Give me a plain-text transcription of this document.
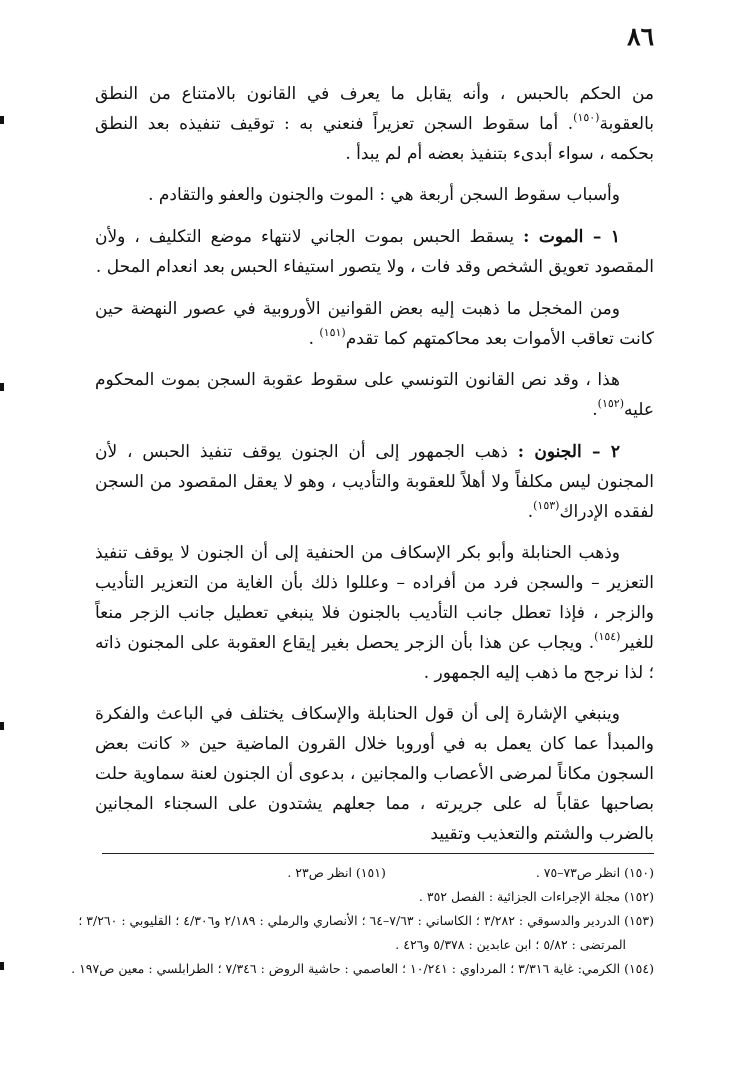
٨٦

من الحكم بالحبس ، وأنه يقابل ما يعرف في القانون بالامتناع من النطق بالعقوبة$^{(١٥٠)}$. أما سقوط السجن تعزيراً فنعني به : توقيف تنفيذه بعد النطق بحكمه ، سواء أبدىء بتنفيذ بعضه أم لم يبدأ .

وأسباب سقوط السجن أربعة هي : الموت والجنون والعفو والتقادم .

١ – الموت : يسقط الحبس بموت الجاني لانتهاء موضع التكليف ، ولأن المقصود تعويق الشخص وقد فات ، ولا يتصور استيفاء الحبس بعد انعدام المحل .

ومن المخجل ما ذهبت إليه بعض القوانين الأوروبية في عصور النهضة حين كانت تعاقب الأموات بعد محاكمتهم كما تقدم$^{(١٥١)}$ .

هذا ، وقد نص القانون التونسي على سقوط عقوبة السجن بموت المحكوم عليه$^{(١٥٢)}$.

٢ – الجنون : ذهب الجمهور إلى أن الجنون يوقف تنفيذ الحبس ، لأن المجنون ليس مكلفاً ولا أهلاً للعقوبة والتأديب ، وهو لا يعقل المقصود من السجن لفقده الإدراك$^{(١٥٣)}$.

وذهب الحنابلة وأبو بكر الإسكاف من الحنفية إلى أن الجنون لا يوقف تنفيذ التعزير – والسجن فرد من أفراده – وعللوا ذلك بأن الغاية من التعزير التأديب والزجر ، فإذا تعطل جانب التأديب بالجنون فلا ينبغي تعطيل جانب الزجر منعاً للغير$^{(١٥٤)}$. ويجاب عن هذا بأن الزجر يحصل بغير إيقاع العقوبة على المجنون ذاته ؛ لذا نرجح ما ذهب إليه الجمهور .

وينبغي الإشارة إلى أن قول الحنابلة والإسكاف يختلف في الباعث والفكرة والمبدأ عما كان يعمل به في أوروبا خلال القرون الماضية حين « كانت بعض السجون مكاناً لمرضى الأعصاب والمجانين ، بدعوى أن الجنون لعنة سماوية حلت بصاحبها عقاباً له على جريرته ، مما جعلهم يشتدون على السجناء المجانين بالضرب والشتم والتعذيب وتقييد

(١٥٠) انظر ص٧٣–٧٥ .(١٥١) انظر ص٢٣ .
(١٥٢) مجلة الإجراءات الجزائية : الفصل ٣٥٢ .
(١٥٣) الدردير والدسوقي : ٣/٢٨٢ ؛ الكاساني : ٧/٦٣–٦٤ ؛ الأنصاري والرملي : ٢/١٨٩ و٤/٣٠٦ ؛ القليوبي : ٣/٢٦٠ ؛
المرتضى : ٥/٨٢ ؛ ابن عابدين : ٥/٣٧٨ و٤٢٦ .
(١٥٤) الكرمي: غاية ٣/٣١٦ ؛ المرداوي : ١٠/٢٤١ ؛ العاصمي : حاشية الروض : ٧/٣٤٦ ؛ الطرابلسي : معين ص١٩٧ .
